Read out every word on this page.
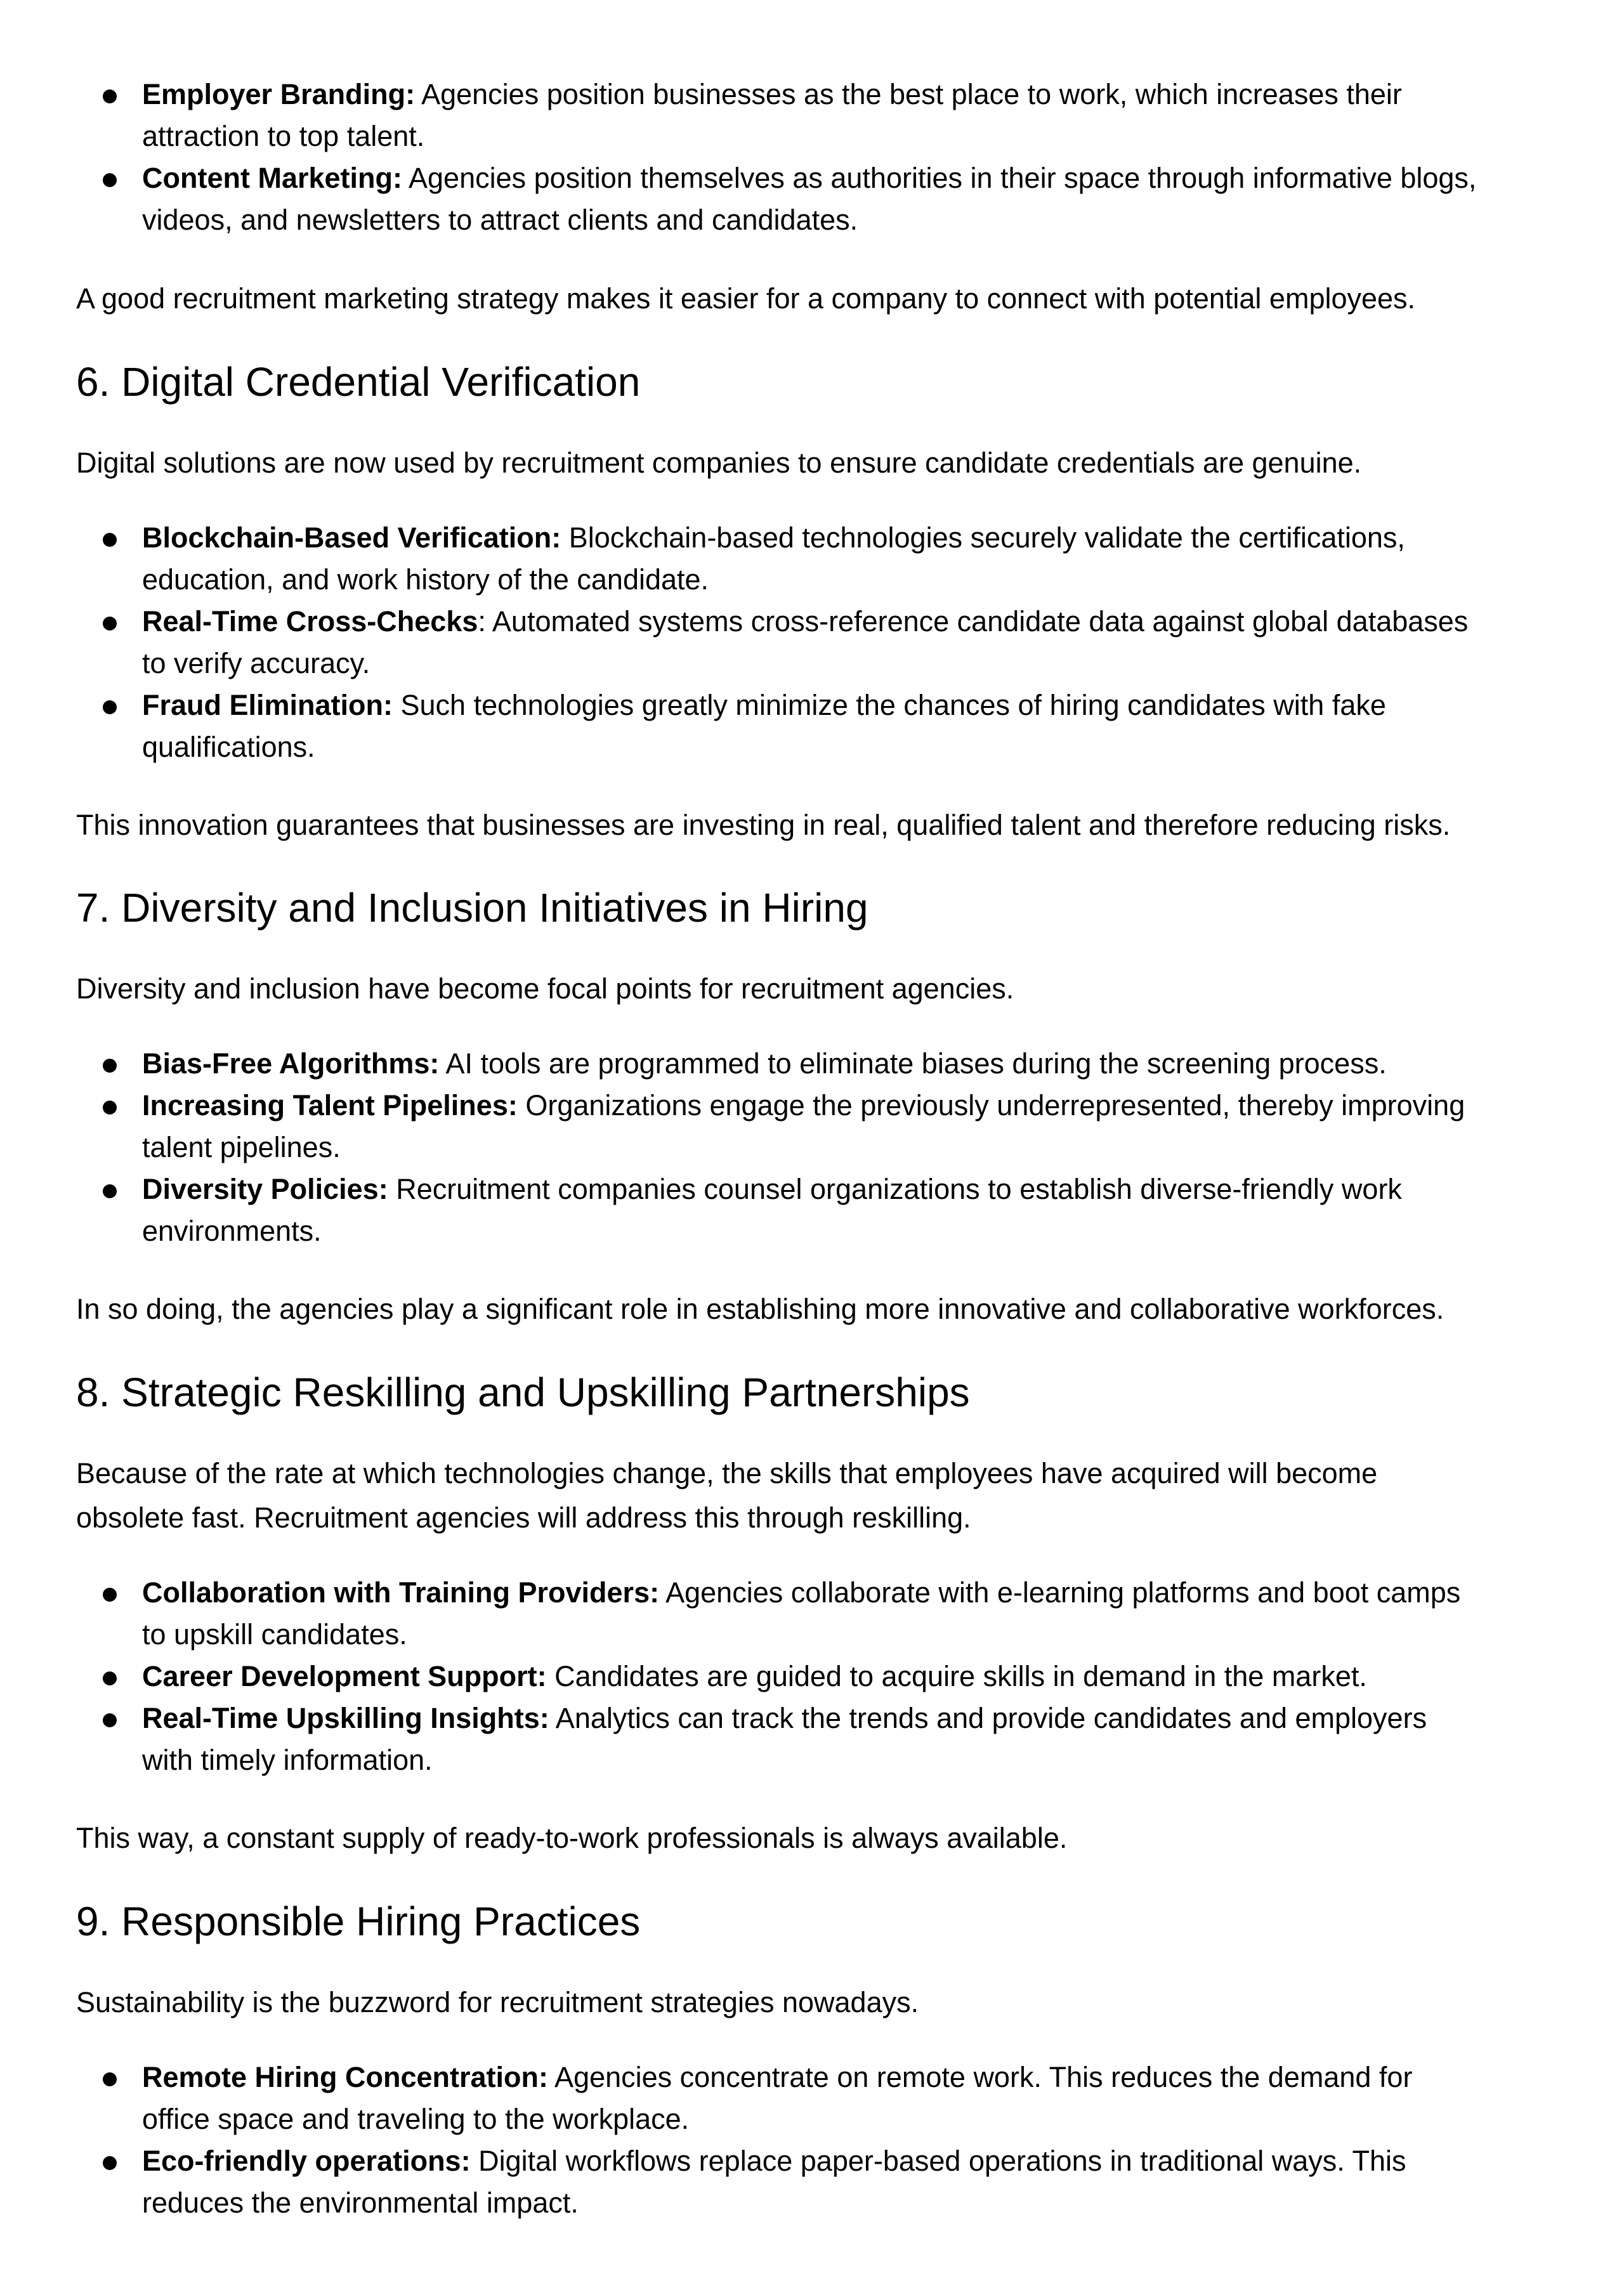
Employer Branding: Agencies position businesses as the best place to work, which increases their
attraction to top talent.
Content Marketing: Agencies position themselves as authorities in their space through informative blogs,
videos, and newsletters to attract clients and candidates.

A good recruitment marketing strategy makes it easier for a company to connect with potential employees.

6. Digital Credential Verification

Digital solutions are now used by recruitment companies to ensure candidate credentials are genuine.

Blockchain-Based Verification: Blockchain-based technologies securely validate the certifications,
education, and work history of the candidate.
Real-Time Cross-Checks: Automated systems cross-reference candidate data against global databases
to verify accuracy.
Fraud Elimination: Such technologies greatly minimize the chances of hiring candidates with fake
qualifications.

This innovation guarantees that businesses are investing in real, qualified talent and therefore reducing risks.

7. Diversity and Inclusion Initiatives in Hiring

Diversity and inclusion have become focal points for recruitment agencies.

Bias-Free Algorithms: AI tools are programmed to eliminate biases during the screening process.
Increasing Talent Pipelines: Organizations engage the previously underrepresented, thereby improving
talent pipelines.
Diversity Policies: Recruitment companies counsel organizations to establish diverse-friendly work
environments.

In so doing, the agencies play a significant role in establishing more innovative and collaborative workforces.

8. Strategic Reskilling and Upskilling Partnerships

Because of the rate at which technologies change, the skills that employees have acquired will become
obsolete fast. Recruitment agencies will address this through reskilling.

Collaboration with Training Providers: Agencies collaborate with e-learning platforms and boot camps
to upskill candidates.
Career Development Support: Candidates are guided to acquire skills in demand in the market.
Real-Time Upskilling Insights: Analytics can track the trends and provide candidates and employers
with timely information.

This way, a constant supply of ready-to-work professionals is always available.

9. Responsible Hiring Practices

Sustainability is the buzzword for recruitment strategies nowadays.

Remote Hiring Concentration: Agencies concentrate on remote work. This reduces the demand for
office space and traveling to the workplace.
Eco-friendly operations: Digital workflows replace paper-based operations in traditional ways. This
reduces the environmental impact.
